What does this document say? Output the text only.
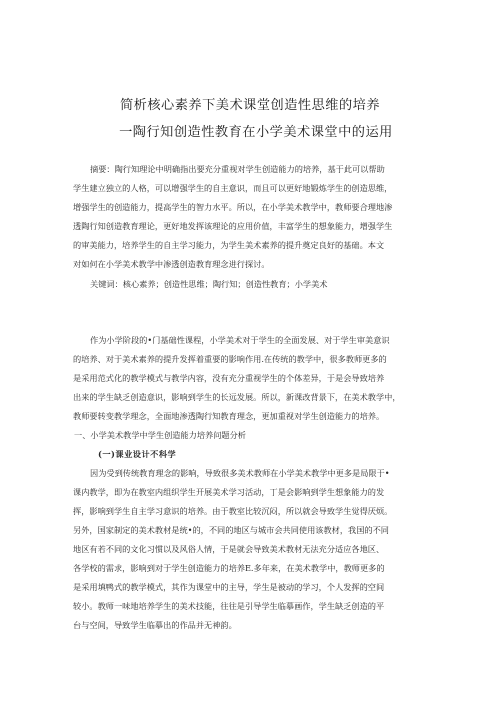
简析核心素养下美术课堂创造性思维的培养
一陶行知创造性教育在小学美术课堂中的运用
摘要：陶行知理论中明确指出要充分重视对学生创造能力的培养，基于此可以帮助
学生建立独立的人格，可以增强学生的自主意识，而且可以更好地锻炼学生的创造思维，
增强学生的创造能力，提高学生的智力水平。所以，在小学美术教学中，教师要合理地渗
透陶行知创造教育理论，更好地发挥该理论的应用价值，丰富学生的想象能力，增强学生
的审美能力，培养学生的自主学习能力，为学生美术素养的提升奠定良好的基础。本文
对如何在小学美术教学中渗透创造教育理念进行探讨。
关键词：核心素养；创造性思维；陶行知；创造性教育；小学美术
作为小学阶段的•门基础性课程，小学美术对于学生的全面发展、对于学生审美意识
的培养、对于美术素养的提升发挥着重要的影响作用.在传统的教学中，很多教师更多的
是采用范式化的教学模式与教学内容，没有充分重视学生的个体差异，于是会导致培养
出来的学生缺乏创造意识，影响到学生的长远发展。所以，新课改背景下，在美术教学中，
教师要转变教学理念，全面地渗透陶行知教育理念，更加重视对学生创造能力的培养。
一、小学美术教学中学生创造能力培养问题分析
(一)课业设计不科学
因为受到传统教育理念的影响，导致很多美术教师在小学美术教学中更多是局限于•
课内教学，即为在教室内组织学生开展美术学习活动，丁是会影响到学生想象能力的发
挥，影响到学生自主学习意识的培养。由于教室比较沉闷，所以就会导致学生觉得厌烦。
另外，国家制定的美术教材是统•的，不同的地区与城市会共同使用该教材，我国的不同
地区有若不同的文化习惯以及风俗人情，于是就会导致美术教材无法充分适应各地区、
各学校的需求，影响到对于学生创造能力的培养E.多年来，在美术教学中，教师更多的
是采用填鸭式的教学模式，其作为课堂中的主导，学生是被动的学习，个人发挥的空间
较小。教师一味地培养学生的美术技能，往往是引导学生临摹画作，学生缺乏创造的平
台与空间，导致学生临摹出的作品并无神韵。
